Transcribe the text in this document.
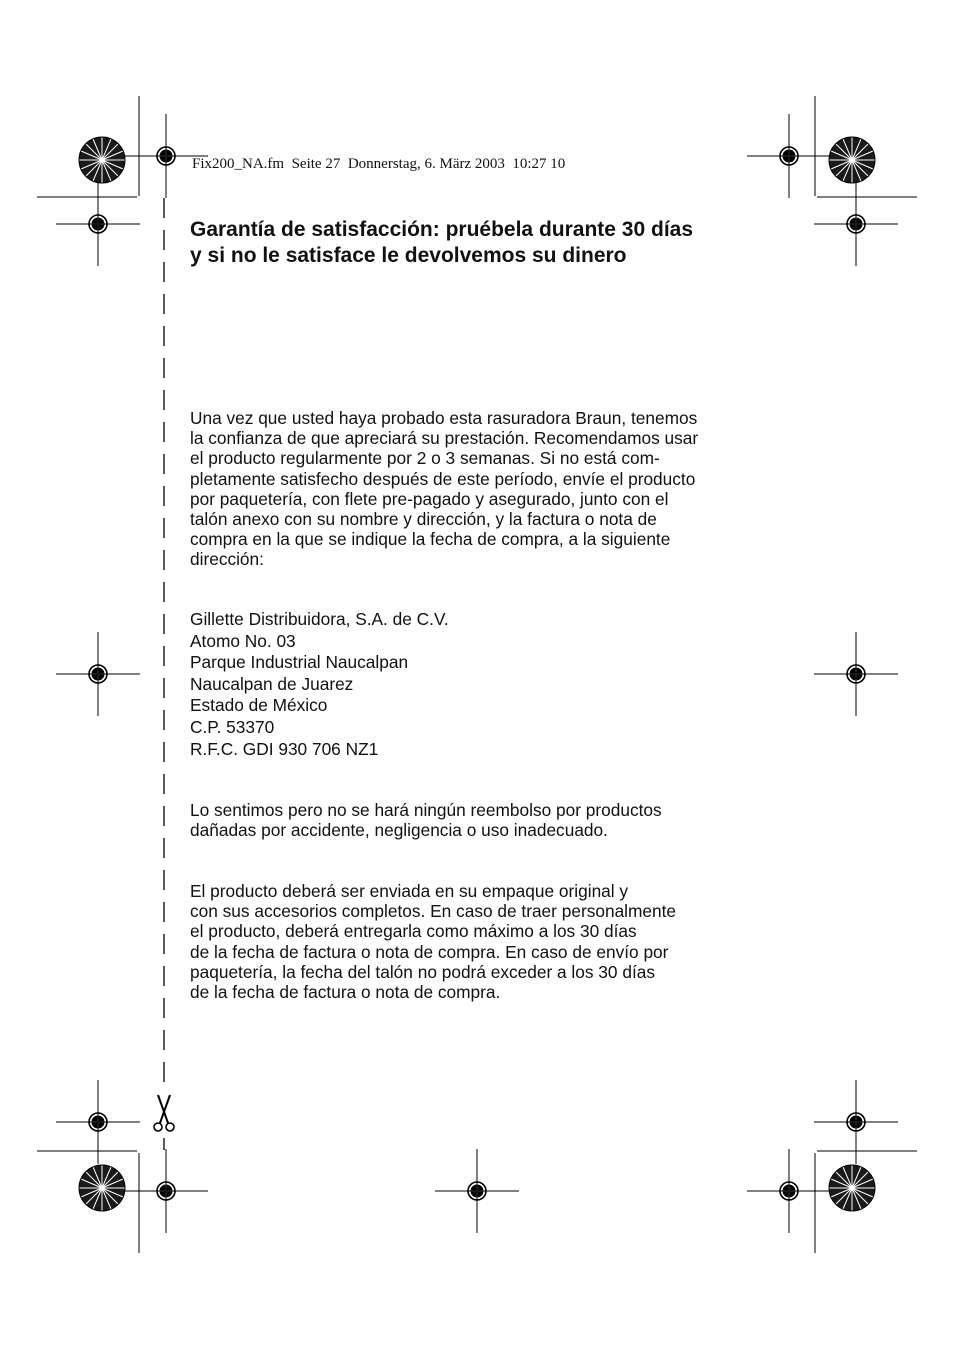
Fix200_NA.fm  Seite 27  Donnerstag, 6. März 2003  10:27 10
Garantía de satisfacción: pruébela durante 30 días
y si no le satisface le devolvemos su dinero
Una vez que usted haya probado esta rasuradora Braun, tenemos
la confianza de que apreciará su prestación. Recomendamos usar
el producto regularmente por 2 o 3 semanas. Si no está com-
pletamente satisfecho después de este período, envíe el producto
por paquetería, con flete pre-pagado y asegurado, junto con el
talón anexo con su nombre y dirección, y la factura o nota de
compra en la que se indique la fecha de compra, a la siguiente
dirección:
Gillette Distribuidora, S.A. de C.V.
Atomo No. 03
Parque Industrial Naucalpan
Naucalpan de Juarez
Estado de México
C.P. 53370
R.F.C. GDI 930 706 NZ1
Lo sentimos pero no se hará ningún reembolso por productos
dañadas por accidente, negligencia o uso inadecuado.
El producto deberá ser enviada en su empaque original y
con sus accesorios completos. En caso de traer personalmente
el producto, deberá entregarla como máximo a los 30 días
de la fecha de factura o nota de compra. En caso de envío por
paquetería, la fecha del talón no podrá exceder a los 30 días
de la fecha de factura o nota de compra.
